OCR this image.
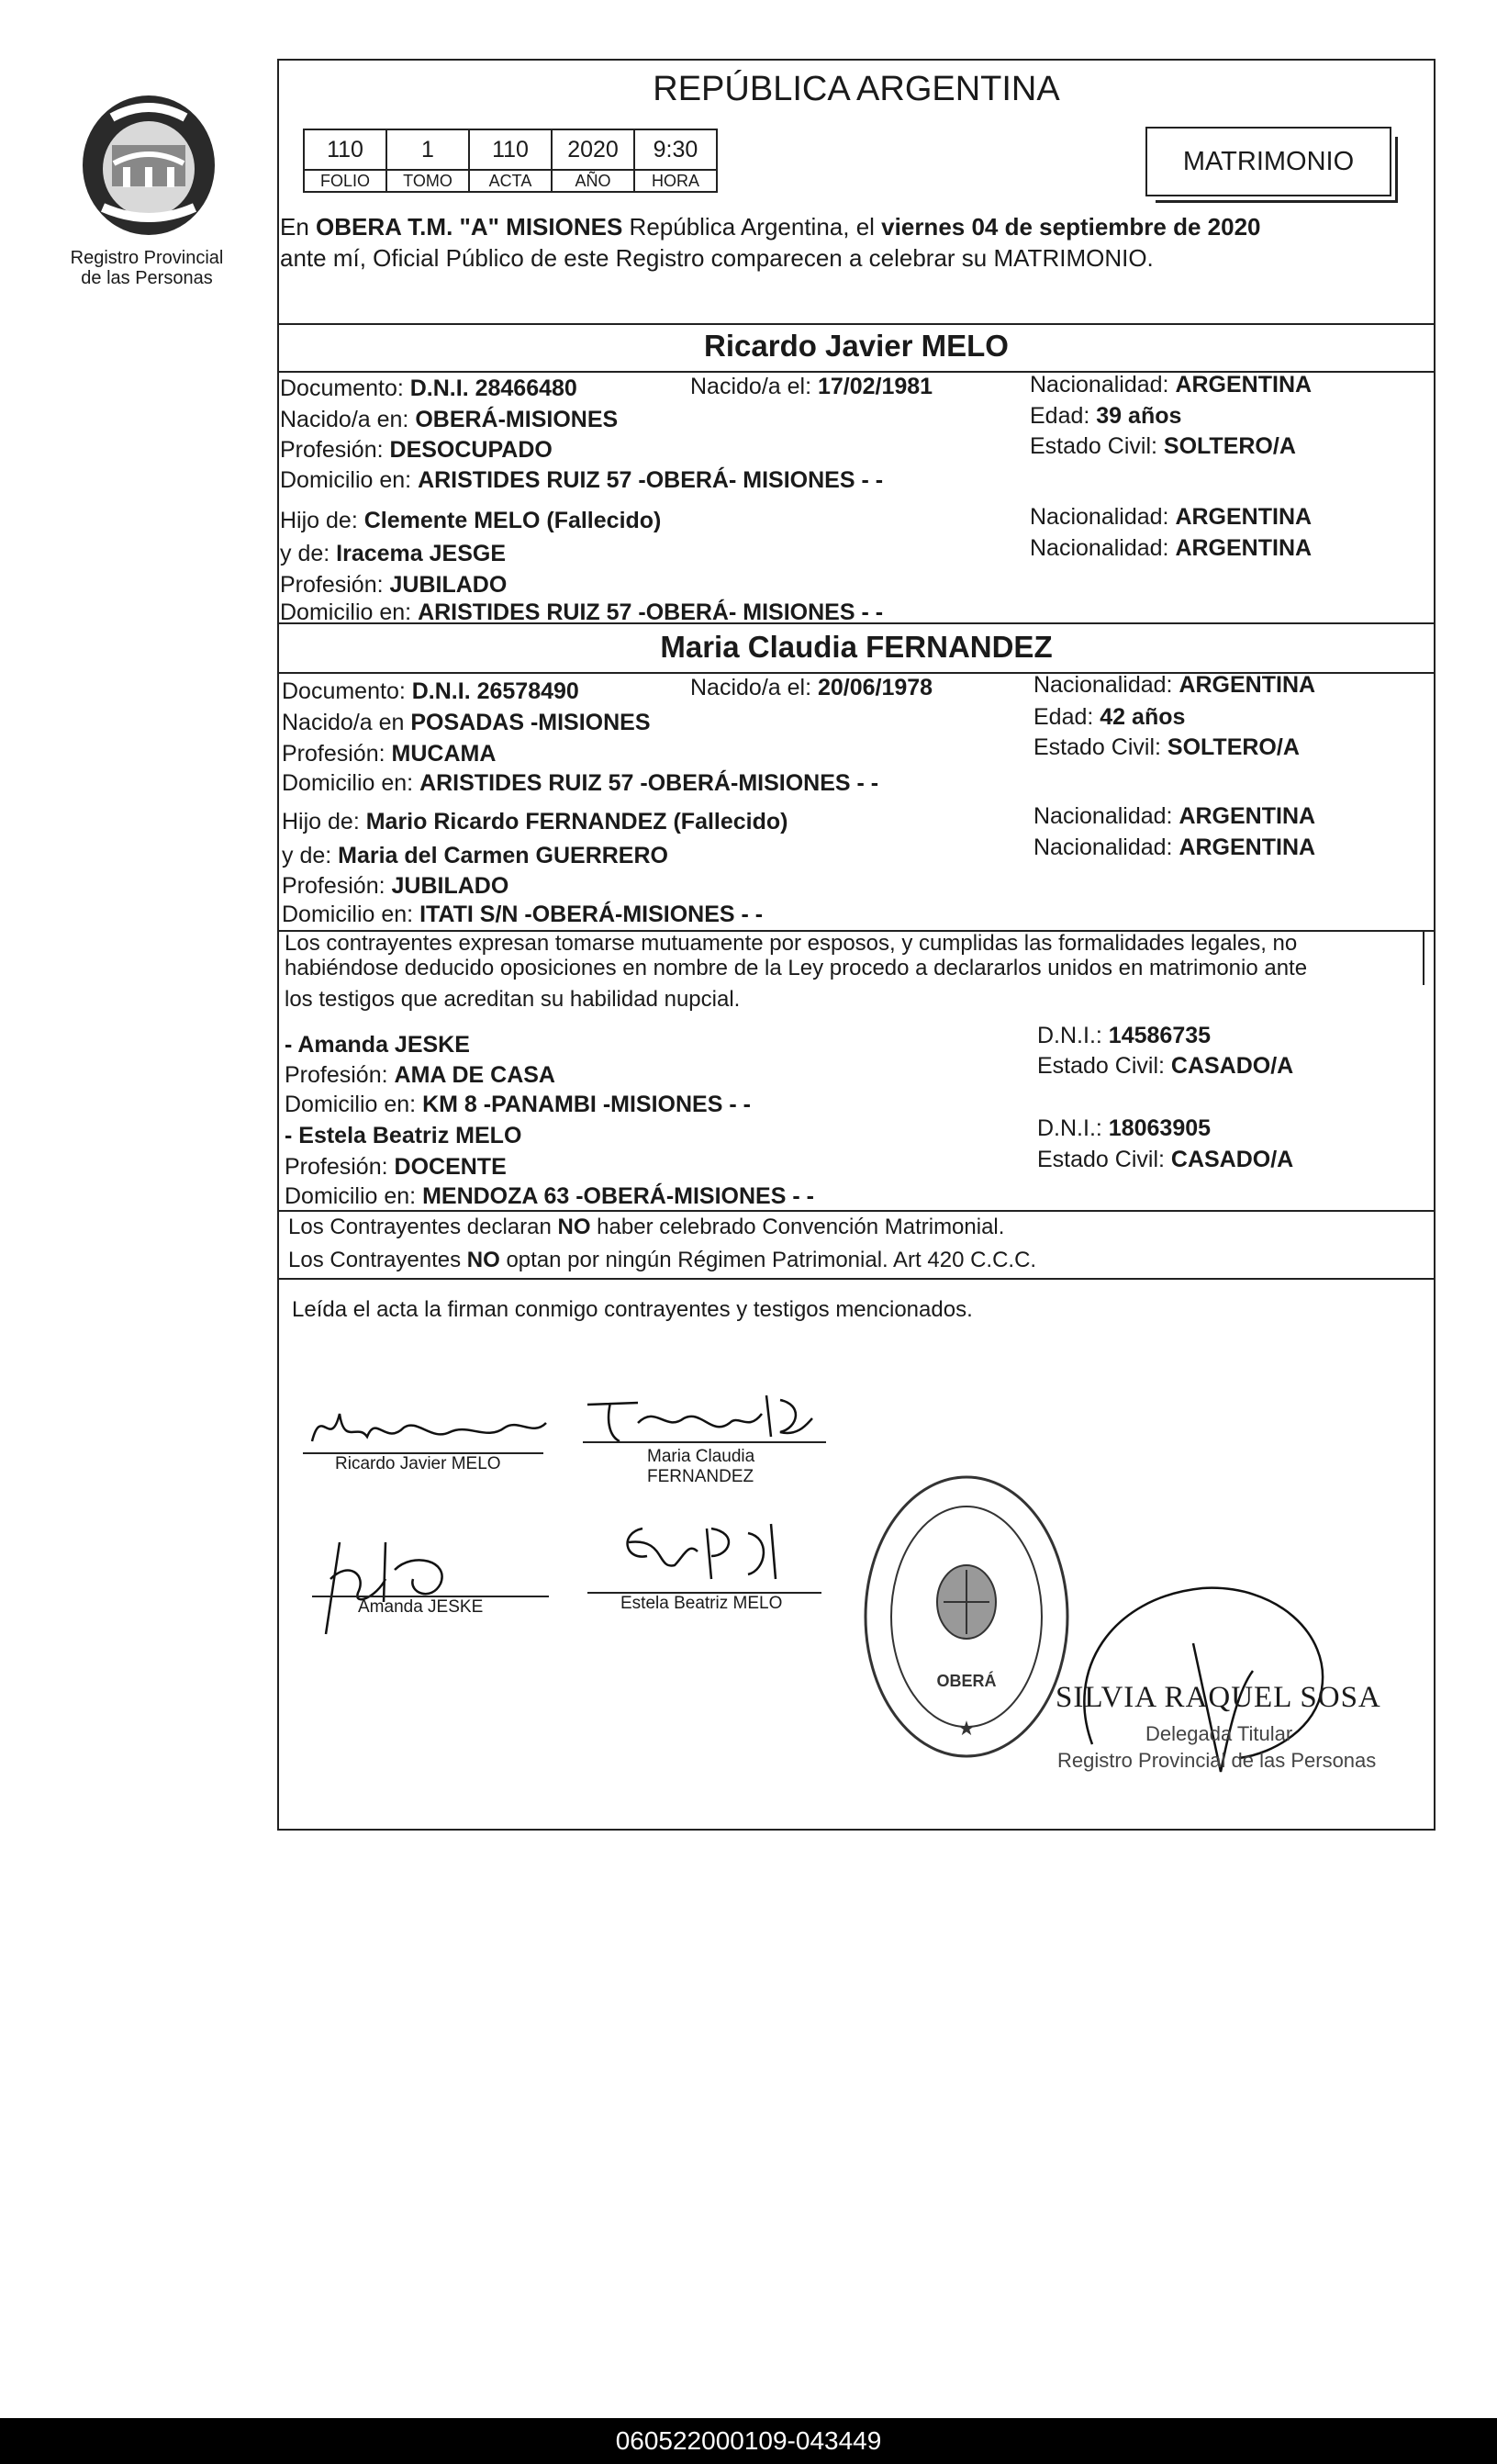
Registro Provincial
de las Personas
REPÚBLICA ARGENTINA
110	1	110	2020	9:30
FOLIO	TOMO	ACTA	AÑO	HORA
MATRIMONIO
En OBERA T.M. "A" MISIONES República Argentina, el viernes 04 de septiembre de 2020
ante mí, Oficial Público de este Registro comparecen a celebrar su MATRIMONIO.
Ricardo Javier MELO
Documento: D.N.I. 28466480	Nacido/a el: 17/02/1981	Nacionalidad: ARGENTINA
Nacido/a en: OBERÁ-MISIONES	Edad: 39 años
Profesión: DESOCUPADO	Estado Civil: SOLTERO/A
Domicilio en: ARISTIDES RUIZ 57 -OBERÁ- MISIONES - -
Hijo de: Clemente MELO (Fallecido)	Nacionalidad: ARGENTINA
y de: Iracema JESGE	Nacionalidad: ARGENTINA
Profesión: JUBILADO
Domicilio en: ARISTIDES RUIZ 57 -OBERÁ- MISIONES - -
Maria Claudia FERNANDEZ
Documento: D.N.I. 26578490	Nacido/a el: 20/06/1978	Nacionalidad: ARGENTINA
Nacido/a en POSADAS -MISIONES	Edad: 42 años
Profesión: MUCAMA	Estado Civil: SOLTERO/A
Domicilio en: ARISTIDES RUIZ 57 -OBERÁ-MISIONES - -
Hijo de: Mario Ricardo FERNANDEZ (Fallecido)	Nacionalidad: ARGENTINA
y de: Maria del Carmen GUERRERO	Nacionalidad: ARGENTINA
Profesión: JUBILADO
Domicilio en: ITATI S/N -OBERÁ-MISIONES - -
Los contrayentes expresan tomarse mutuamente por esposos, y cumplidas las formalidades legales, no
habiéndose deducido oposiciones en nombre de la Ley procedo a declararlos unidos en matrimonio ante
los testigos que acreditan su habilidad nupcial.
- Amanda JESKE	D.N.I.: 14586735
Profesión: AMA DE CASA	Estado Civil: CASADO/A
Domicilio en: KM 8 -PANAMBI -MISIONES - -
- Estela Beatriz MELO	D.N.I.: 18063905
Profesión: DOCENTE	Estado Civil: CASADO/A
Domicilio en: MENDOZA 63 -OBERÁ-MISIONES - -
Los Contrayentes declaran NO haber celebrado Convención Matrimonial.
Los Contrayentes NO optan por ningún Régimen Patrimonial. Art 420 C.C.C.
Leída el acta la firman conmigo contrayentes y testigos mencionados.
Ricardo Javier MELO	Maria Claudia
FERNANDEZ
Amanda JESKE	Estela Beatriz MELO
OBERÁ
★
SILVIA RAQUEL SOSA
Delegada Titular
Registro Provincial de las Personas
060522000109-043449
